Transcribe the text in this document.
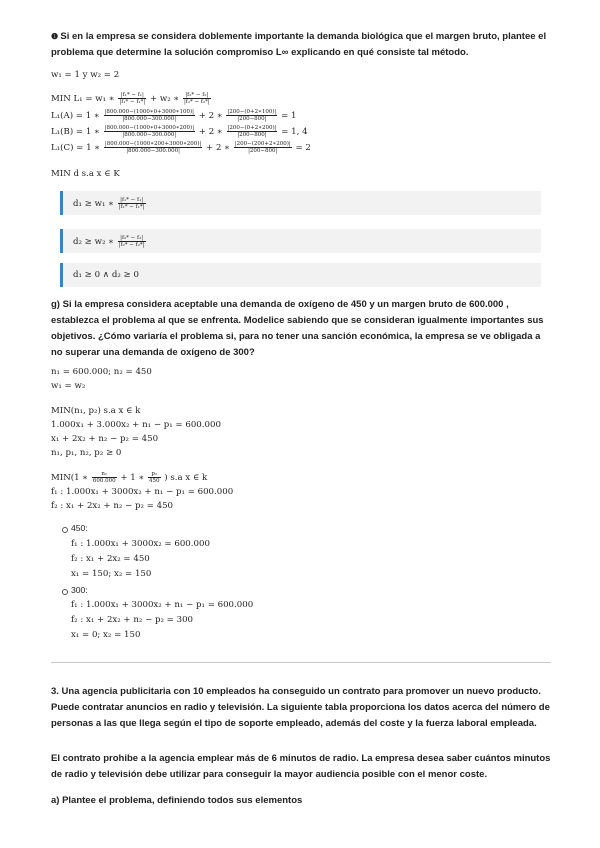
❶ Si en la empresa se considera doblemente importante la demanda biológica que el margen bruto, plantee el problema que determine la solución compromiso L∞ explicando en qué consiste tal método.
w₁ = 1 y w₂ = 2
MIN L₁ = w₁ ∗ $\frac{\text{|f₁* − f₁|}}{\text{|f₁* − f₁*|}} + w_2$ ∗ $\frac{\text{|f₂* − f₂|}}{\text{|f₂* − f₂*|}}$
L₁(A) = 1 ∗ $\frac{|800.000-(1000∗0+3000∗100)|}{|800.000-300.000|} + 2$ ∗ $\frac{|200-(0+2∗100)|}{|200-800|} = 1$
L₁(B) = 1 ∗ $\frac{|800.000-(1000∗0+3000∗200)|}{|800.000-300.000|} + 2$ ∗ $\frac{|200-(0+2∗200)|}{|200-800|} = 1$, 4
L₁(C) = 1 ∗ $\frac{|800.000-(1000∗200+3000∗200)|}{|800.000-300.000|} + 2$ ∗ $\frac{|200-(200+2∗200)|}{|200-800|} = 2$
MIN d s.a x ∈ K
d₁ ≥ w₁ ∗ $\frac{\text{|f₁* − f₁|}}{\text{|f₁* − f₁*|}}$
d₂ ≥ w₂ ∗ $\frac{\text{|f₂* − f₂|}}{\text{|f₂* − f₂*|}}$
d₁ ≥ 0 ∧ d₂ ≥ 0
g) Si la empresa considera aceptable una demanda de oxígeno de 450 y un margen bruto de 600.000 , establezca el problema al que se enfrenta. Modelice sabiendo que se consideran igualmente importantes sus objetivos. ¿Cómo variaría el problema si, para no tener una sanción económica, la empresa se ve obligada a no superar una demanda de oxígeno de 300?
n₁ = 600.000; n₂ = 450
w₁ = w₂
MIN(n₁, p₂) s.a x ∈ k
1.000x₁ + 3.000x₂ + n₁ − p₁ = 600.000
x₁ + 2x₂ + n₂ − p₂ = 450
n₁, p₁, n₂, p₂ ≥ 0
MIN(1 ∗ $\frac{\text{n₁}}{600.000} + 1$ ∗ $\frac{\text{p₂}}{450}$ ) s.a x ∈ k
f₁ : 1.000x₁ + 3000x₂ + n₁ − p₁ = 600.000
f₂ : x₁ + 2x₂ + n₂ − p₂ = 450
450:
f₁ : 1.000x₁ + 3000x₂ = 600.000
f₂ : x₁ + 2x₂ = 450
x₁ = 150; x₂ = 150
300:
f₁ : 1.000x₁ + 3000x₂ + n₁ − p₁ = 600.000
f₂ : x₁ + 2x₂ + n₂ − p₂ = 300
x₁ = 0; x₂ = 150
3. Una agencia publicitaria con 10 empleados ha conseguido un contrato para promover un nuevo producto. Puede contratar anuncios en radio y televisión. La siguiente tabla proporciona los datos acerca del número de personas a las que llega según el tipo de soporte empleado, además del coste y la fuerza laboral empleada.
El contrato prohibe a la agencia emplear más de 6 minutos de radio. La empresa desea saber cuántos minutos de radio y televisión debe utilizar para conseguir la mayor audiencia posible con el menor coste.
a) Plantee el problema, definiendo todos sus elementos
